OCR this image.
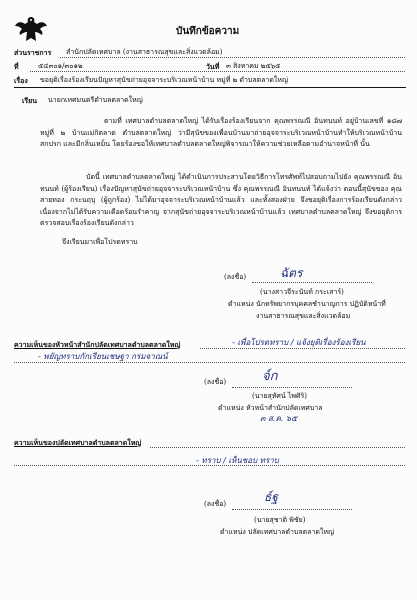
บันทึกข้อความ
ส่วนราชการ สำนักปลัดเทศบาล (งานสาธารณสุขและสิ่งแวดล้อม)
ที่	๕๔๓๐๑/๓๐๑๒	วันที่ ๓ สิงหาคม ๒๕๖๕
เรื่อง ขอยุติเรื่องร้องเรียนปัญหาสุนัขถ่ายอุจจาระบริเวณหน้าบ้าน หมู่ที่ ๒ ตำบลตลาดใหญ่
เรียน นายกเทศมนตรีตำบลตลาดใหญ่
ตามที่ เทศบาลตำบลตลาดใหญ่ ได้รับเรื่องร้องเรียนจาก คุณพรรณณี อินทนนท์ อยู่บ้านเลขที่ ๑๘๗ หมู่ที่ ๒ บ้านแม่กิตลาด ตำบลตลาดใหญ่ ว่ามีสุนัขของเพื่อนบ้านมาถ่ายอุจจาระบริเวณหน้าบ้านทำให้บริเวณหน้าบ้านสกปรก และมีกลิ่นเหม็น โดยร้องขอให้เทศบาลตำบลตลาดใหญ่พิจารณาให้ความช่วยเหลือตามอำนาจหน้าที่ นั้น
บัดนี้ เทศบาลตำบลตลาดใหญ่ ได้ดำเนินการประสานโดยวิธีการโทรศัพท์ไปสอบถามไปยัง คุณพรรณณี อินทนนท์ (ผู้ร้องเรียน) เรื่องปัญหาสุนัขถ่ายอุจจาระบริเวณหน้าบ้าน ซึ่ง คุณพรรณณี อินทนนท์ ได้แจ้งว่า ตอนนี้สุนัขของ คุณสายทอง กระนฤบุ (ผู้ถูกร้อง) ไม่ได้มาอุจจาระบริเวณหน้าบ้านแล้ว และทั้งสองฝ่าย จึงขอยุติเรื่องการร้องเรียนดังกล่าว เนื่องจากไม่ได้รับความเดือดร้อนรำคาญ จากสุนัขถ่ายอุจจาระบริเวณหน้าบ้านแล้ว เทศบาลตำบลตลาดใหญ่ จึงขอยุติการตรวจสอบเรื่องร้องเรียนดังกล่าว
จึงเรียนมาเพื่อโปรดทราบ
(ลงชื่อ)	ฉัตร
(นางสาวจีระนันท์ กระเสาร์)
ตำแหน่ง นักทรัพยากรบุคคลชำนาญการ ปฏิบัติหน้าที่
งานสาธารณสุขและสิ่งแวดล้อม
ความเห็นของหัวหน้าสำนักปลัดเทศบาลตำบลตลาดใหญ่	- เพื่อโปรดทราบ / แจ้งยุติเรื่องร้องเรียน
- พยัญทราบกักเรียนเชษฐา กรมจาณน์
(ลงชื่อ)	จ์ก
(นายสุทัศน์ ไพศิริ)
ตำแหน่ง หัวหน้าสำนักปลัดเทศบาล
๓ ส.ค. ๖๕
ความเห็นของปลัดเทศบาลตำบลตลาดใหญ่
- ทราบ / เห็นชอบ ทราบ
(ลงชื่อ)	ธ์ฐ
(นายสุชาติ พิชัย)
ตำแหน่ง ปลัดเทศบาลตำบลตลาดใหญ่
